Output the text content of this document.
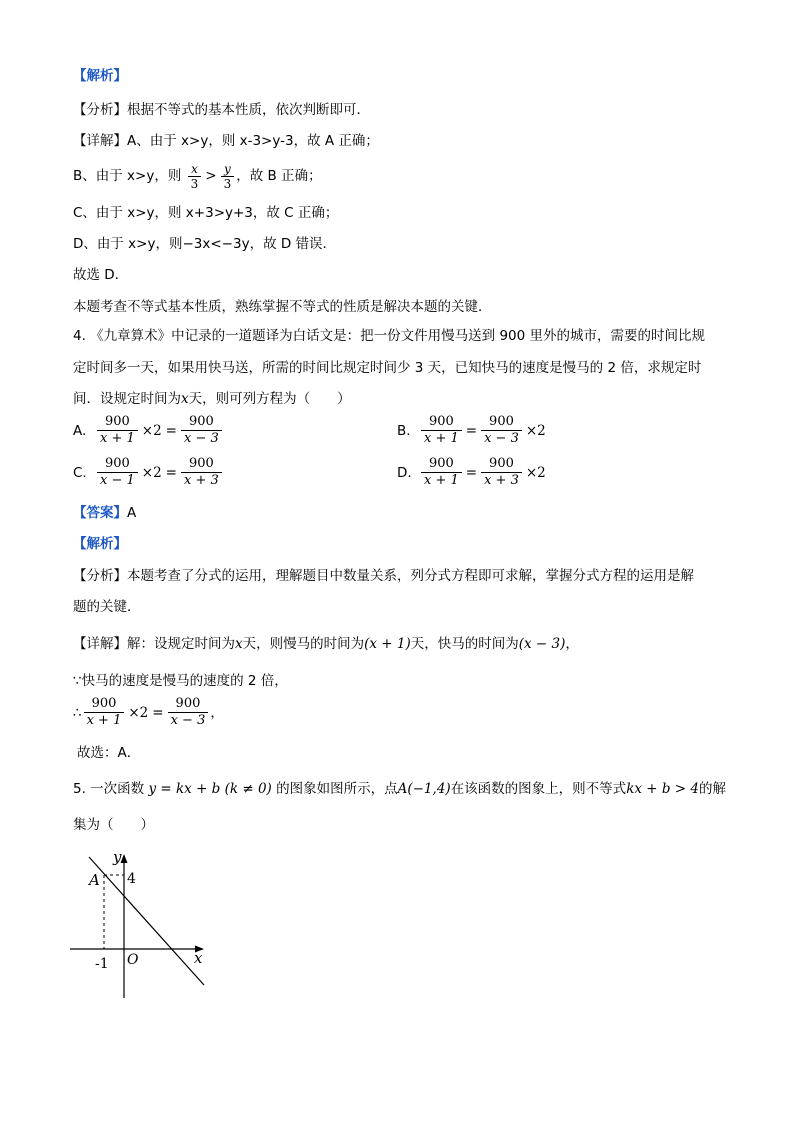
【解析】
【分析】根据不等式的基本性质，依次判断即可．
【详解】A、由于 x>y，则 x-3>y-3，故 A 正确；
B、由于 x>y，则 $\frac{x}{3} > \frac{y}{3}$ ，故 B 正确；
C、由于 x>y，则 x+3>y+3，故 C 正确；
D、由于 x>y，则−3x<−3y，故 D 错误．
故选 D．
本题考查不等式基本性质，熟练掌握不等式的性质是解决本题的关键．
4. 《九章算术》中记录的一道题译为白话文是：把一份文件用慢马送到 900 里外的城市，需要的时间比规
定时间多一天，如果用快马送，所需的时间比规定时间少 3 天，已知快马的速度是慢马的 2 倍，求规定时
间．设规定时间为x天，则可列方程为（　　）
A. $\frac{900}{x + 1} \times 2 = \frac{900}{x - 3}$	B. $\frac{900}{x + 1} = \frac{900}{x - 3} \times 2$
C. $\frac{900}{x - 1} \times 2 = \frac{900}{x + 3}$	D. $\frac{900}{x + 1} = \frac{900}{x + 3} \times 2$
【答案】A
【解析】
【分析】本题考查了分式的运用，理解题目中数量关系，列分式方程即可求解，掌握分式方程的运用是解
题的关键．
【详解】解：设规定时间为x天，则慢马的时间为(x + 1)天，快马的时间为(x − 3)，
∵快马的速度是慢马的速度的 2 倍，
∴ $\frac{900}{x + 1} \times 2 = \frac{900}{x - 3}$ ，
故选：A．
5. 一次函数 y = kx + b (k ≠ 0) 的图象如图所示，点A(−1,4)在该函数的图象上，则不等式kx + b > 4的解
集为（　　）
y
x
O
A 4
-1
